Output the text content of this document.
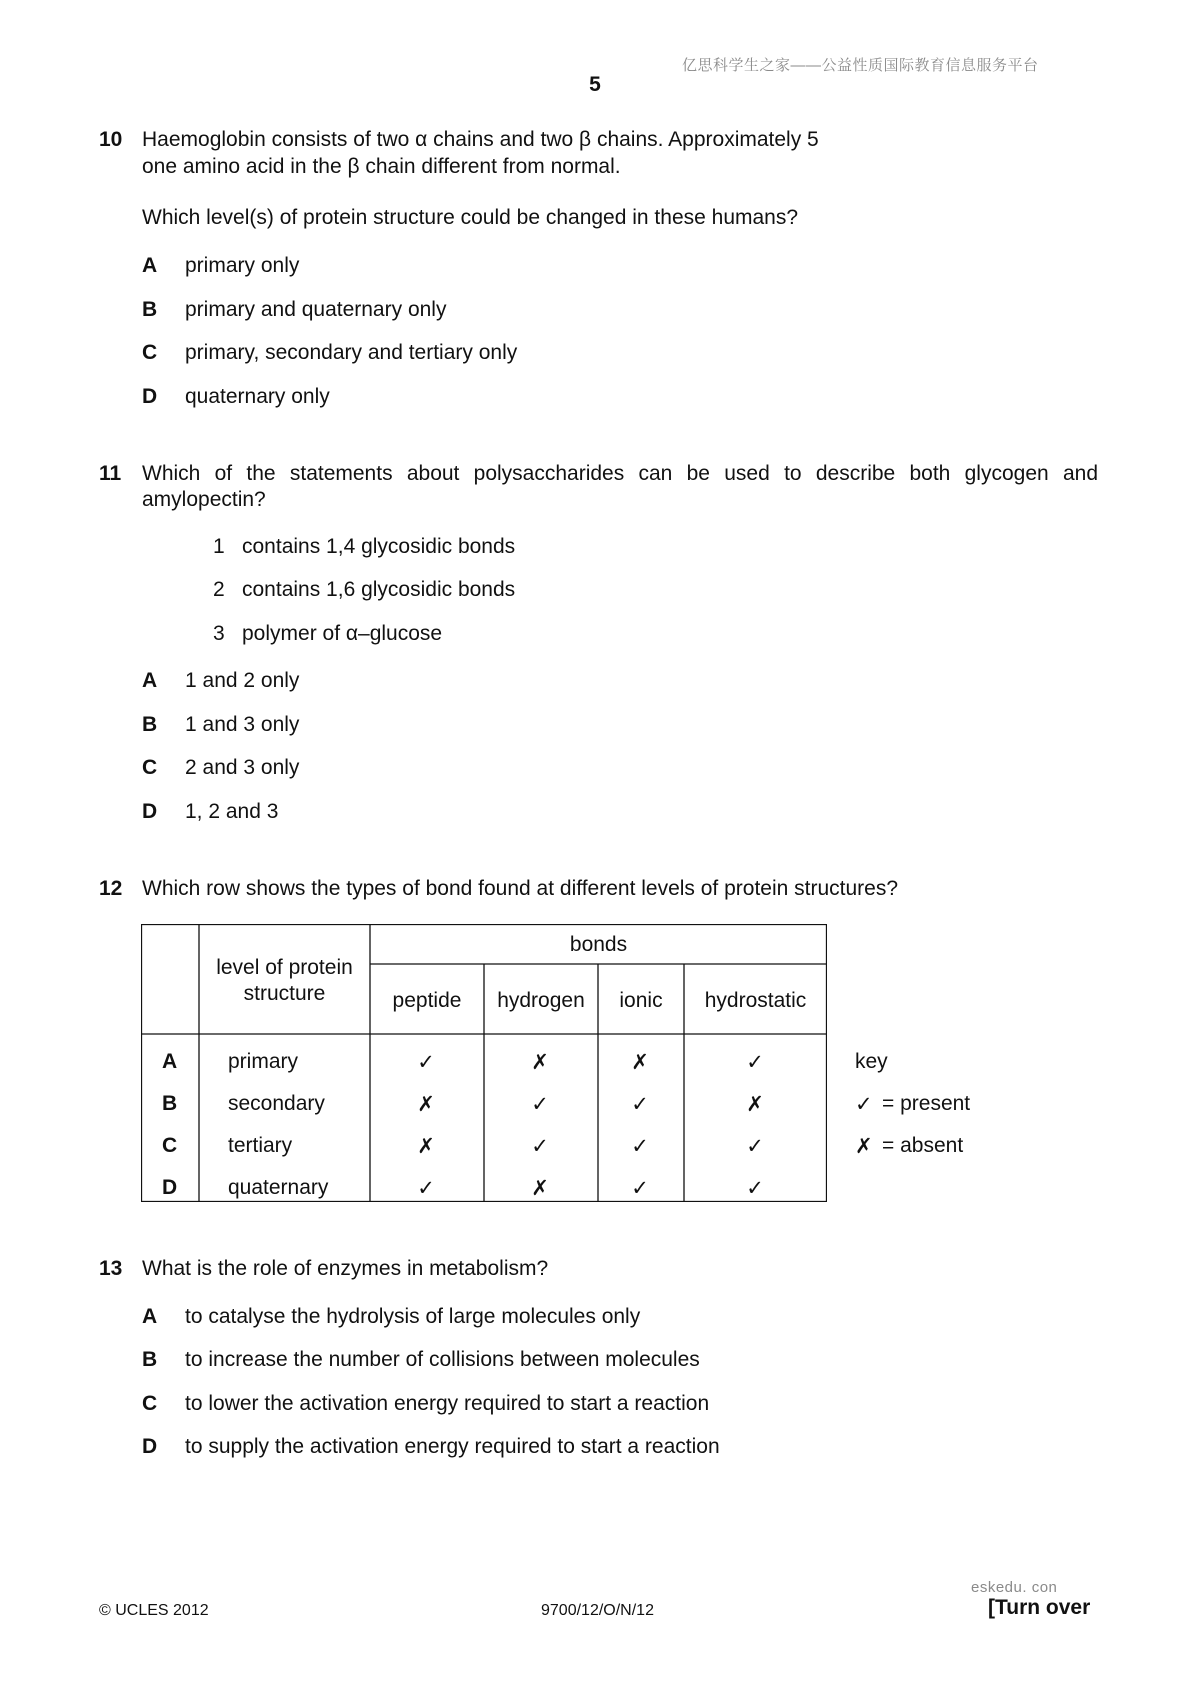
亿思科学生之家——公益性质国际教育信息服务平台
5
10 Haemoglobin consists of two α chains and two β chains. Approximately 5
one amino acid in the β chain different from normal.
Which level(s) of protein structure could be changed in these humans?
A primary only
B primary and quaternary only
C primary, secondary and tertiary only
D quaternary only
11 Which of the statements about polysaccharides can be used to describe both glycogen and amylopectin?
1 contains 1,4 glycosidic bonds
2 contains 1,6 glycosidic bonds
3 polymer of α–glucose
A 1 and 2 only
B 1 and 3 only
C 2 and 3 only
D 1, 2 and 3
12 Which row shows the types of bond found at different levels of protein structures?
level of protein
structure
bonds
peptide	hydrogen	ionic	hydrostatic
A primary	✓	✗	✗	✓
B secondary	✗	✓	✓	✗
C tertiary	✗	✓	✓	✓
D quaternary	✓	✗	✓	✓
key
✓ = present
✗ = absent
13 What is the role of enzymes in metabolism?
A to catalyse the hydrolysis of large molecules only
B to increase the number of collisions between molecules
C to lower the activation energy required to start a reaction
D to supply the activation energy required to start a reaction
eskedu. con
© UCLES 2012	9700/12/O/N/12	[Turn over
